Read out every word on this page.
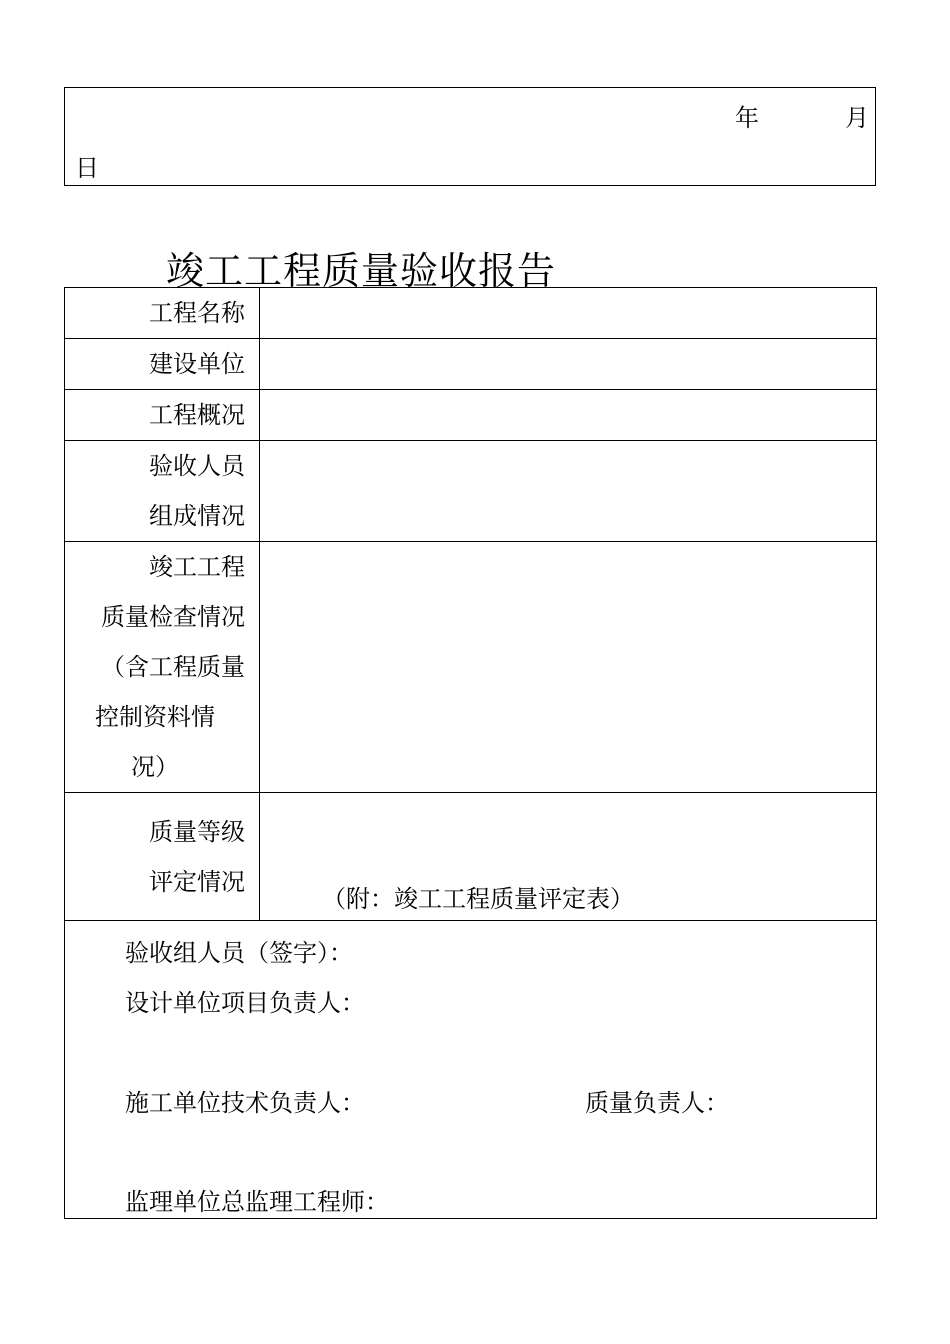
年	月
日
竣工工程质量验收报告
工程名称	

建设单位	

工程概况	

验收人员
组成情况	

竣工工程
质量检查情况
（含工程质量
控制资料情
况）	

质量等级
评定情况	（附：竣工工程质量评定表）

验收组人员（签字）：
设计单位项目负责人：
施工单位技术负责人： 质量负责人：
监理单位总监理工程师：	
